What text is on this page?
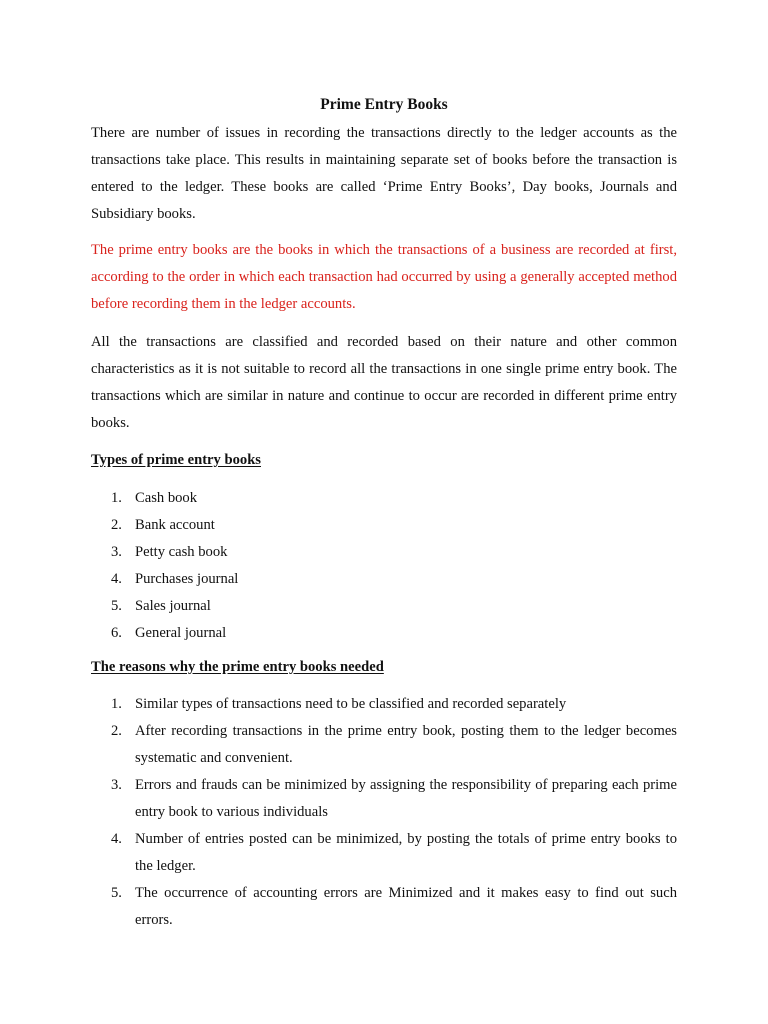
Prime Entry Books

There are number of issues in recording the transactions directly to the ledger accounts as the transactions take place. This results in maintaining separate set of books before the transaction is entered to the ledger. These books are called ‘Prime Entry Books’, Day books, Journals and Subsidiary books.

The prime entry books are the books in which the transactions of a business are recorded at first, according to the order in which each transaction had occurred by using a generally accepted method before recording them in the ledger accounts.

All the transactions are classified and recorded based on their nature and other common characteristics as it is not suitable to record all the transactions in one single prime entry book. The transactions which are similar in nature and continue to occur are recorded in different prime entry books.

Types of prime entry books
1. Cash book
2. Bank account
3. Petty cash book
4. Purchases journal
5. Sales journal
6. General journal
The reasons why the prime entry books needed
1. Similar types of transactions need to be classified and recorded separately
2. After recording transactions in the prime entry book, posting them to the ledger becomes systematic and convenient.
3. Errors and frauds can be minimized by assigning the responsibility of preparing each prime entry book to various individuals
4. Number of entries posted can be minimized, by posting the totals of prime entry books to the ledger.
5. The occurrence of accounting errors are Minimized and it makes easy to find out such errors.
